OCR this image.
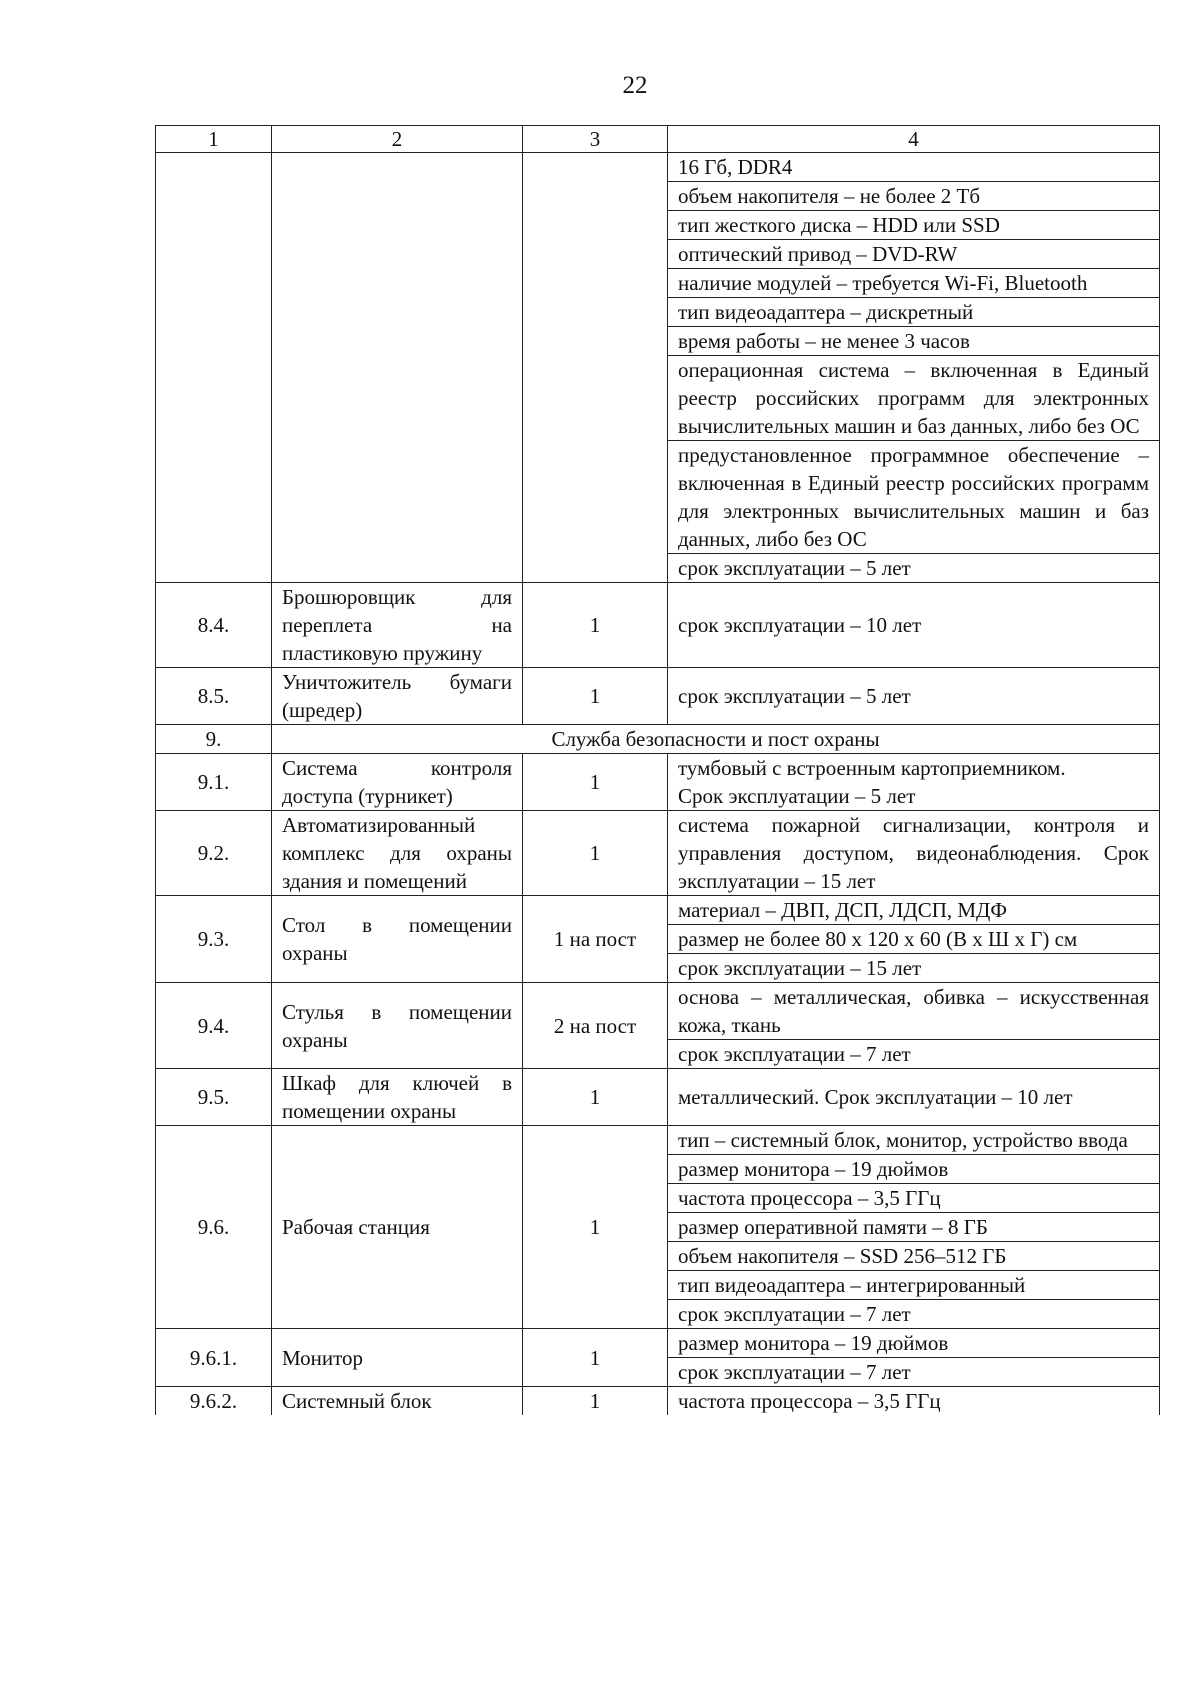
22
1	2	3	4
			16 Гб, DDR4
			объем накопителя – не более 2 Тб
			тип жесткого диска – HDD или SSD
			оптический привод – DVD-RW
			наличие модулей – требуется Wi-Fi, Bluetooth
			тип видеоадаптера – дискретный
			время работы – не менее 3 часов
			операционная система – включенная в Единый реестр российских программ для электронных вычислительных машин и баз данных, либо без ОС
			предустановленное программное обеспечение – включенная в Единый реестр российских программ для электронных вычислительных машин и баз данных, либо без ОС
			срок эксплуатации – 5 лет
8.4.	Брошюровщик для переплета на пластиковую пружину	1	срок эксплуатации – 10 лет
8.5.	Уничтожитель бумаги (шредер)	1	срок эксплуатации – 5 лет
9.	Служба безопасности и пост охраны		
9.1.	Система контроля доступа (турникет)	1	тумбовый с встроенным картоприемником.
Срок эксплуатации – 5 лет

9.2.	Автоматизированный комплекс для охраны здания и помещений	1	система пожарной сигнализации, контроля и управления доступом, видеонаблюдения. Срок эксплуатации – 15 лет
9.3.	Стол в помещении охраны	1 на пост	материал – ДВП, ДСП, ЛДСП, МДФ
			размер не более 80 x 120 x 60 (В x Ш x Г) см
			срок эксплуатации – 15 лет
9.4.	Стулья в помещении охраны	2 на пост	основа – металлическая, обивка – искусственная кожа, ткань
			срок эксплуатации – 7 лет
9.5.	Шкаф для ключей в помещении охраны	1	металлический. Срок эксплуатации – 10 лет
9.6.	Рабочая станция	1	тип – системный блок, монитор, устройство ввода
			размер монитора – 19 дюймов
			частота процессора – 3,5 ГГц
			размер оперативной памяти – 8 ГБ
			объем накопителя – SSD 256–512 ГБ
			тип видеоадаптера – интегрированный
			срок эксплуатации – 7 лет
9.6.1.	Монитор	1	размер монитора – 19 дюймов
			срок эксплуатации – 7 лет
9.6.2.	Системный блок	1	частота процессора – 3,5 ГГц
